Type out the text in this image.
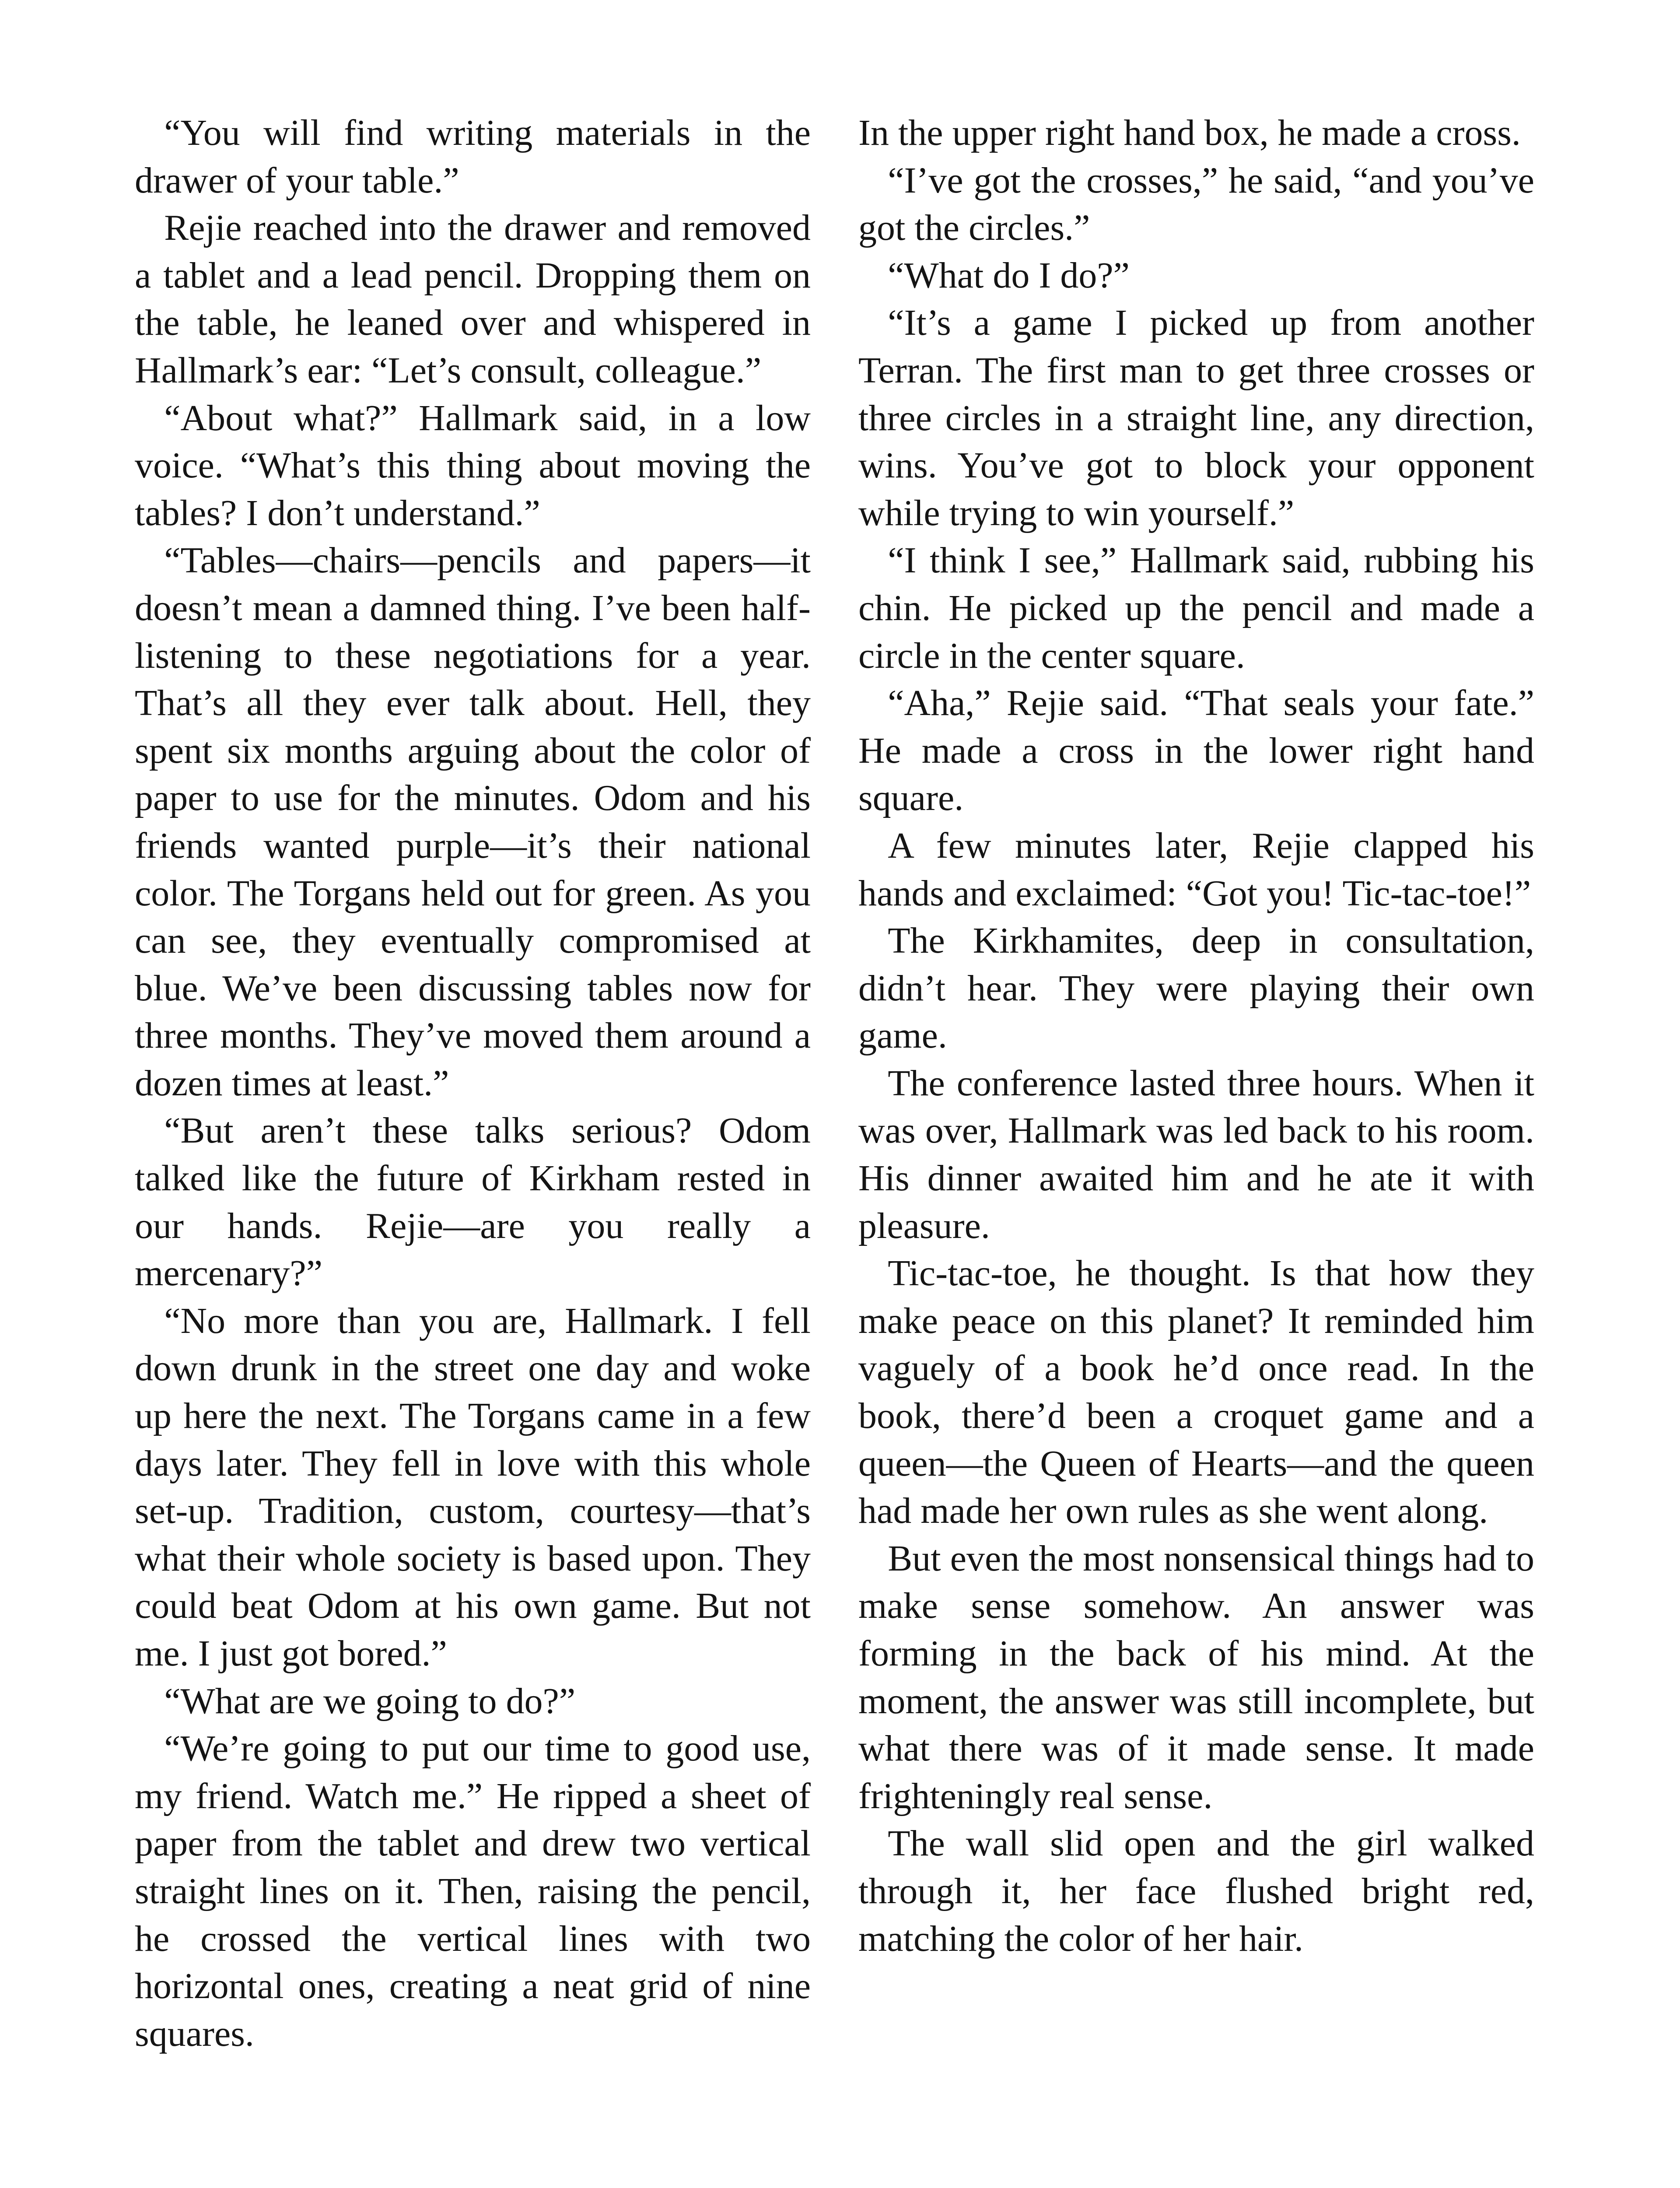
“You will find writing materials in the drawer of your table.”

Rejie reached into the drawer and removed a tablet and a lead pencil. Dropping them on the table, he leaned over and whispered in Hallmark’s ear: “Let’s consult, colleague.”

“About what?” Hallmark said, in a low voice. “What’s this thing about moving the tables? I don’t understand.”

“Tables—chairs—pencils and papers—it doesn’t mean a damned thing. I’ve been half-listening to these negotiations for a year. That’s all they ever talk about. Hell, they spent six months arguing about the color of paper to use for the minutes. Odom and his friends wanted purple—it’s their national color. The Torgans held out for green. As you can see, they eventually compromised at blue. We’ve been discussing tables now for three months. They’ve moved them around a dozen times at least.”

“But aren’t these talks serious? Odom talked like the future of Kirkham rested in our hands. Rejie—are you really a mercenary?”

“No more than you are, Hallmark. I fell down drunk in the street one day and woke up here the next. The Torgans came in a few days later. They fell in love with this whole set-up. Tradition, custom, courtesy—that’s what their whole society is based upon. They could beat Odom at his own game. But not me. I just got bored.”

“What are we going to do?”

“We’re going to put our time to good use, my friend. Watch me.” He ripped a sheet of paper from the tablet and drew two vertical straight lines on it. Then, raising the pencil, he crossed the vertical lines with two horizontal ones, creating a neat grid of nine squares.

In the upper right hand box, he made a cross.

“I’ve got the crosses,” he said, “and you’ve got the circles.”

“What do I do?”

“It’s a game I picked up from another Terran. The first man to get three crosses or three circles in a straight line, any direction, wins. You’ve got to block your opponent while trying to win yourself.”

“I think I see,” Hallmark said, rubbing his chin. He picked up the pencil and made a circle in the center square.

“Aha,” Rejie said. “That seals your fate.” He made a cross in the lower right hand square.

A few minutes later, Rejie clapped his hands and exclaimed: “Got you! Tic-tac-toe!”

The Kirkhamites, deep in consultation, didn’t hear. They were playing their own game.

The conference lasted three hours. When it was over, Hallmark was led back to his room. His dinner awaited him and he ate it with pleasure.

Tic-tac-toe, he thought. Is that how they make peace on this planet? It reminded him vaguely of a book he’d once read. In the book, there’d been a croquet game and a queen—the Queen of Hearts—and the queen had made her own rules as she went along.

But even the most nonsensical things had to make sense somehow. An answer was forming in the back of his mind. At the moment, the answer was still incomplete, but what there was of it made sense. It made frighteningly real sense.

The wall slid open and the girl walked through it, her face flushed bright red, matching the color of her hair.
